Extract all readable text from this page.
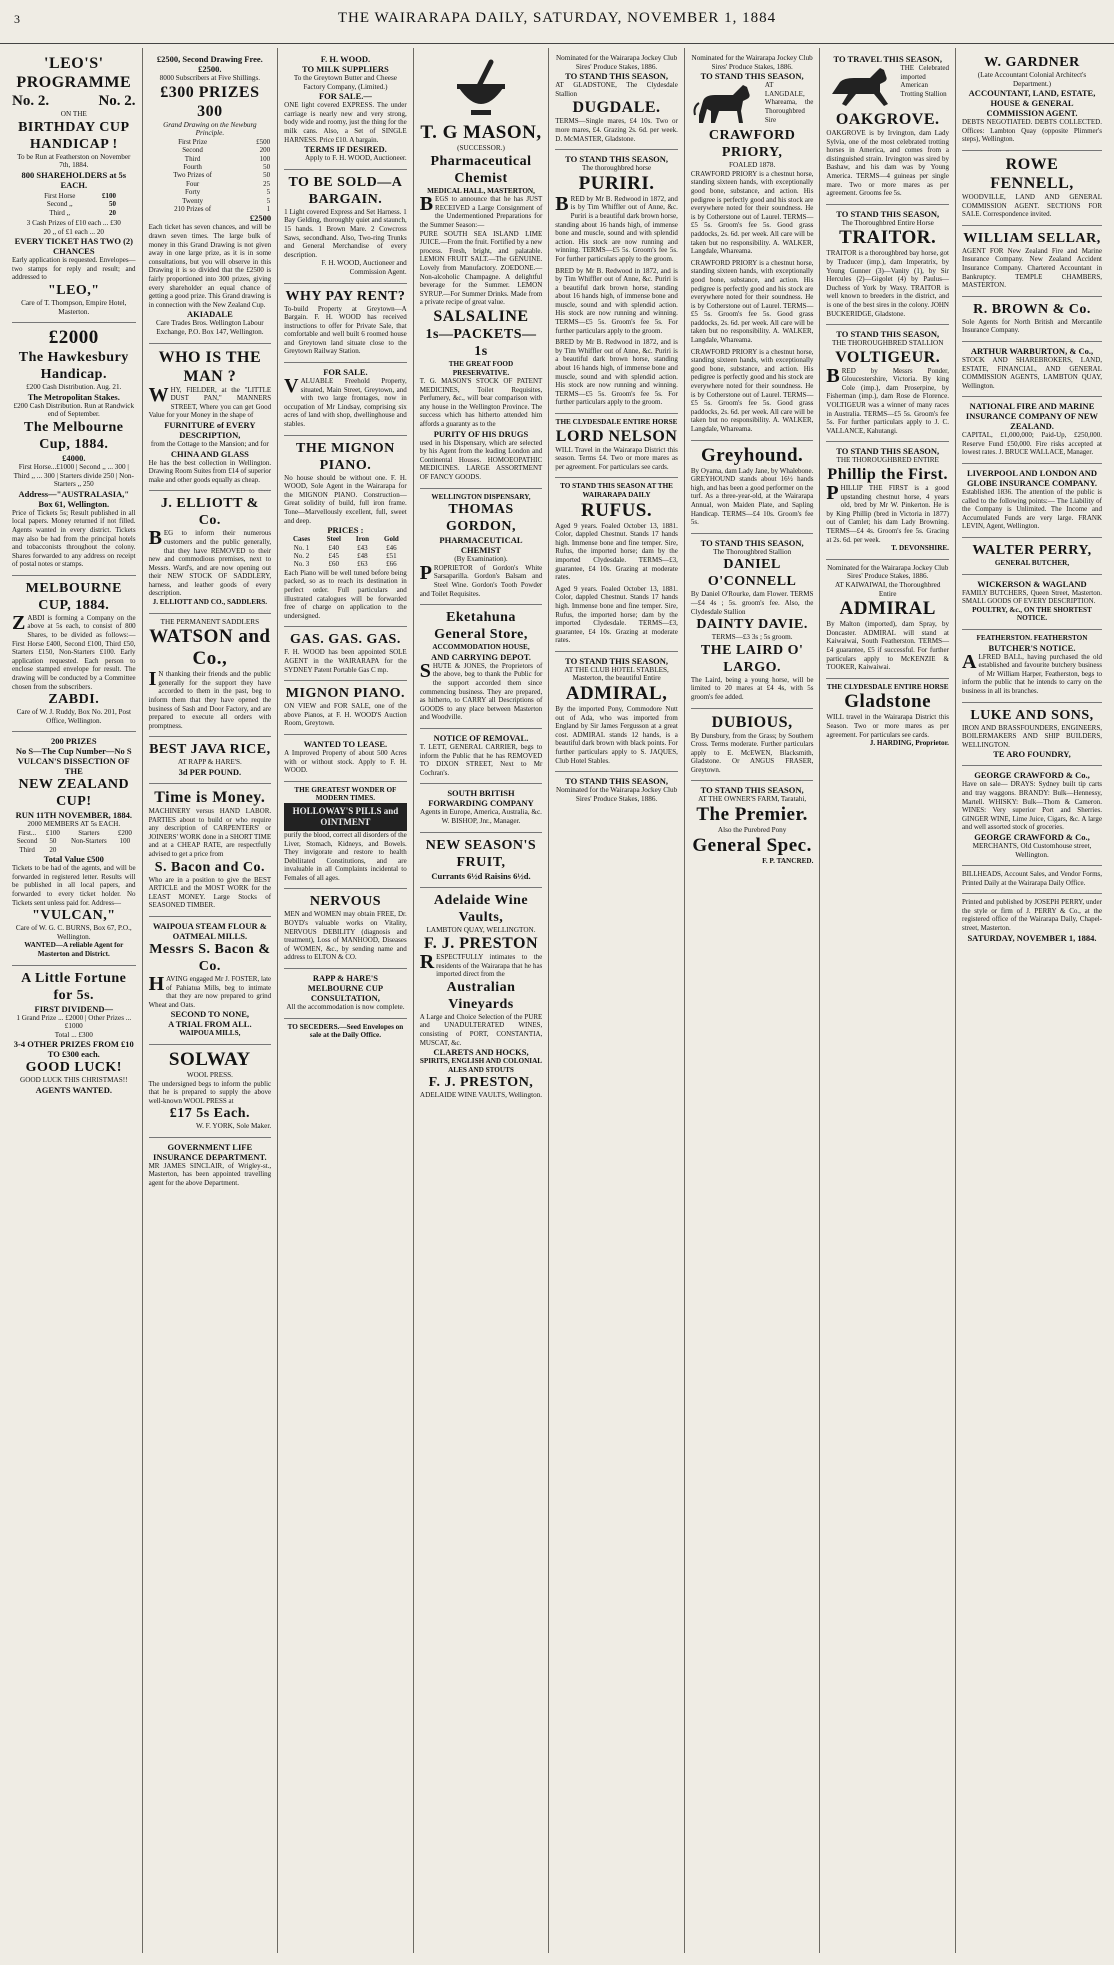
3	THE WAIRARAPA DAILY, SATURDAY, NOVEMBER 1, 1884
'LEO'S' PROGRAMME
No. 2.	No. 2.
ON THE
BIRTHDAY CUP HANDICAP !
To be Run at Featherston on November 7th, 1884.
800 SHAREHOLDERS at 5s EACH.
First Horse	£100
Second ,,	50
Third ,,	20
3 Cash Prizes of £10 each ... £30
20 ,, of £1 each ... 20
EVERY TICKET HAS TWO (2) CHANCES
Early application is requested. Envelopes—two stamps for reply and result; and addressed to
"LEO,"
Care of T. Thompson, Empire Hotel, Masterton.
£2000
The Hawkesbury Handicap.
£200 Cash Distribution. Aug. 21.
The Metropolitan Stakes.
£200 Cash Distribution. Run at Randwick end of September.
The Melbourne Cup, 1884.
£4000.
First Horse...£1000 | Second ,, ... 300 | Third ,, ... 300 | Starters divide 250 | Non-Starters ,, 250
Address—"AUSTRALASIA," Box 61, Wellington.
Price of Tickets 5s; Result published in all local papers. Money returned if not filled. Agents wanted in every district. Tickets may also be had from the principal hotels and tobacconists throughout the colony. Shares forwarded to any address on receipt of postal notes or stamps.
MELBOURNE CUP, 1884.
ZABDI is forming a Company on the above at 5s each, to consist of 800 Shares, to be divided as follows:— First Horse £400, Second £100, Third £50, Starters £150, Non-Starters £100. Early application requested. Each person to enclose stamped envelope for result. The drawing will be conducted by a Committee chosen from the subscribers.
ZABDI.
Care of W. J. Ruddy, Box No. 201, Post Office, Wellington.
200 PRIZES
No S—The Cup Number—No S
VULCAN'S DISSECTION OF THE
NEW ZEALAND CUP!
RUN 11TH NOVEMBER, 1884.
2000 MEMBERS AT 5s EACH.
First...	£100	Starters	£200
Second	50	Non-Starters	100
Third	20		
Total Value £500
Tickets to be had of the agents, and will be forwarded in registered letter. Results will be published in all local papers, and forwarded to every ticket holder. No Tickets sent unless paid for. Address—
"VULCAN,"
Care of W. G. C. BURNS, Box 67, P.O., Wellington.
WANTED—A reliable Agent for Masterton and District.
A Little Fortune for 5s.
FIRST DIVIDEND—
1 Grand Prize ... £2000 | Other Prizes ... £1000
Total ... £300
3-4 OTHER PRIZES FROM £10 TO £300 each.
GOOD LUCK!
GOOD LUCK THIS CHRISTMAS!!
AGENTS WANTED.
£2500, Second Drawing Free. £2500.
8000 Subscribers at Five Shillings.
£300 PRIZES 300
Grand Drawing on the Newburg Principle.
First Prize	£500
Second	200
Third	100
Fourth	50
Two Prizes of	50
Four	25
Forty	5
Twenty	5
210 Prizes of	1
£2500
Each ticket has seven chances, and will be drawn seven times. The large bulk of money in this Grand Drawing is not given away in one large prize, as it is in some consultations, but you will observe in this Drawing it is so divided that the £2500 is fairly proportioned into 300 prizes, giving every shareholder an equal chance of getting a good prize. This Grand drawing is in connection with the New Zealand Cup.
AKIADALE
Care Trades Bros. Wellington Labour Exchange, P.O. Box 147, Wellington.
WHO IS THE MAN ?
WHY, FIELDER, at the "LITTLE DUST PAN," MANNERS STREET, Where you can get Good Value for your Money in the shape of
FURNITURE of EVERY DESCRIPTION,
from the Cottage to the Mansion; and for
CHINA AND GLASS
He has the best collection in Wellington. Drawing Room Suites from £14 of superior make and other goods equally as cheap.
J. ELLIOTT & Co.
BEG to inform their numerous customers and the public generally, that they have REMOVED to their new and commodious premises, next to Messrs. Ward's, and are now opening out their NEW STOCK OF SADDLERY, harness, and leather goods of every description.
J. ELLIOTT AND CO., SADDLERS.
THE PERMANENT SADDLERS
WATSON and Co.,
IN thanking their friends and the public generally for the support they have accorded to them in the past, beg to inform them that they have opened the business of Sash and Door Factory, and are prepared to execute all orders with promptness.
BEST JAVA RICE,
AT RAPP & HARE'S.
3d PER POUND.
Time is Money.
MACHINERY versus HAND LABOR. PARTIES about to build or who require any description of CARPENTERS' or JOINERS' WORK done in a SHORT TIME and at a CHEAP RATE, are respectfully advised to get a price from
S. Bacon and Co.
Who are in a position to give the BEST ARTICLE and the MOST WORK for the LEAST MONEY. Large Stocks of SEASONED TIMBER.
WAIPOUA STEAM FLOUR & OATMEAL MILLS.
Messrs S. Bacon & Co.
HAVING engaged Mr J. FOSTER, late of Pahiatua Mills, beg to intimate that they are now prepared to grind Wheat and Oats.
SECOND TO NONE,
A TRIAL FROM ALL.
WAIPOUA MILLS,
SOLWAY
WOOL PRESS.
The undersigned begs to inform the public that he is prepared to supply the above well-known WOOL PRESS at
£17 5s Each.
W. F. YORK, Sole Maker.
GOVERNMENT LIFE INSURANCE DEPARTMENT.
MR JAMES SINCLAIR, of Wrigley-st., Masterton, has been appointed travelling agent for the above Department.
F. H. WOOD.
TO MILK SUPPLIERS
To the Greytown Butter and Cheese Factory Company, (Limited.)
FOR SALE.—
ONE light covered EXPRESS. The under carriage is nearly new and very strong, body wide and roomy, just the thing for the milk cans. Also, a Set of SINGLE HARNESS. Price £10. A bargain.
TERMS IF DESIRED.
Apply to F. H. WOOD, Auctioneer.
TO BE SOLD—A BARGAIN.
1 Light covered Express and Set Harness. 1 Bay Gelding, thoroughly quiet and staunch, 15 hands. 1 Brown Mare. 2 Cowcross Saws, secondhand. Also, Two-ring Trunks and General Merchandise of every description.
F. H. WOOD, Auctioneer and Commission Agent.
WHY PAY RENT?
To-build Property at Greytown—A Bargain. F. H. WOOD has received instructions to offer for Private Sale, that comfortable and well built 6 roomed house and Greytown land situate close to the Greytown Railway Station.
FOR SALE.
VALUABLE Freehold Property, situated, Main Street, Greytown, and with two large frontages, now in occupation of Mr Lindsay, comprising six acres of land with shop, dwellinghouse and stables.
THE MIGNON PIANO.
No house should be without one. F. H. WOOD, Sole Agent in the Wairarapa for the MIGNON PIANO. Construction—Great solidity of build, full iron frame. Tone—Marvellously excellent, full, sweet and deep.
PRICES :
Cases	Steel	Iron	Gold
No. 1	£40	£43	£46
No. 2	£45	£48	£51
No. 3	£60	£63	£66
Each Piano will be well tuned before being packed, so as to reach its destination in perfect order. Full particulars and illustrated catalogues will be forwarded free of charge on application to the undersigned.
GAS. GAS. GAS.
F. H. WOOD has been appointed SOLE AGENT in the WAIRARAPA for the SYDNEY Patent Portable Gas C mp.
MIGNON PIANO.
ON VIEW and FOR SALE, one of the above Pianos, at F. H. WOOD'S Auction Room, Greytown.
WANTED TO LEASE.
A Improved Property of about 500 Acres with or without stock. Apply to F. H. WOOD.
THE GREATEST WONDER OF MODERN TIMES.
HOLLOWAY'S PILLS and OINTMENT
purify the blood, correct all disorders of the Liver, Stomach, Kidneys, and Bowels. They invigorate and restore to health Debilitated Constitutions, and are invaluable in all Complaints incidental to Females of all ages.
NERVOUS
MEN and WOMEN may obtain FREE, Dr. BOYD's valuable works on Vitality, NERVOUS DEBILITY (diagnosis and treatment), Loss of MANHOOD, Diseases of WOMEN, &c., by sending name and address to ELTON & CO.
RAPP & HARE'S
MELBOURNE CUP CONSULTATION,
All the accommodation is now complete.
TO SECEDERS.—Seed Envelopes on sale at the Daily Office.
T. G MASON,
(SUCCESSOR.)
Pharmaceutical Chemist
MEDICAL HALL, MASTERTON,
BEGS to announce that he has JUST RECEIVED a Large Consignment of the Undermentioned Preparations for the Summer Season:—
PURE SOUTH SEA ISLAND LIME JUICE.—From the fruit. Fortified by a new process. Fresh, bright, and palatable. LEMON FRUIT SALT.—The GENUINE. Lovely from Manufactory. ZOEDONE.—Non-alcoholic Champagne. A delightful beverage for the Summer. LEMON SYRUP.—For Summer Drinks. Made from a private recipe of great value.
SALSALINE
1s—PACKETS—1s
THE GREAT FOOD PRESERVATIVE.
T. G. MASON'S STOCK OF PATENT MEDICINES, Toilet Requisites, Perfumery, &c., will bear comparison with any house in the Wellington Province. The success which has hitherto attended him affords a guaranty as to the
PURITY OF HIS DRUGS
used in his Dispensary, which are selected by his Agent from the leading London and Continental Houses. HOMOEOPATHIC MEDICINES. LARGE ASSORTMENT OF FANCY GOODS.
WELLINGTON DISPENSARY,
THOMAS GORDON,
PHARMACEUTICAL CHEMIST
(By Examination).
PROPRIETOR of Gordon's White Sarsaparilla. Gordon's Balsam and Steel Wine. Gordon's Tooth Powder and Toilet Requisites.
Eketahuna General Store,
ACCOMMODATION HOUSE,
AND CARRYING DEPOT.
SHUTE & JONES, the Proprietors of the above, beg to thank the Public for the support accorded them since commencing business. They are prepared, as hitherto, to CARRY all Descriptions of GOODS to any place between Masterton and Woodville.
NOTICE OF REMOVAL.
T. LETT, GENERAL CARRIER, begs to inform the Public that he has REMOVED TO DIXON STREET, Next to Mr Cochran's.
SOUTH BRITISH FORWARDING COMPANY
Agents in Europe, America, Australia, &c. W. BISHOP, Jnr., Manager.
NEW SEASON'S FRUIT,
Currants 6½d Raisins 6½d.
Adelaide Wine Vaults,
LAMBTON QUAY, WELLINGTON.
F. J. PRESTON
RESPECTFULLY intimates to the residents of the Wairarapa that he has imported direct from the
Australian Vineyards
A Large and Choice Selection of the PURE and UNADULTERATED WINES, consisting of PORT, CONSTANTIA, MUSCAT, &c.
CLARETS AND HOCKS,
SPIRITS, ENGLISH AND COLONIAL ALES AND STOUTS
F. J. PRESTON,
ADELAIDE WINE VAULTS, Wellington.
Nominated for the Wairarapa Jockey Club Sires' Produce Stakes, 1886.
TO STAND THIS SEASON,
AT GLADSTONE, The Clydesdale Stallion
DUGDALE.
TERMS—Single mares, £4 10s. Two or more mares, £4. Grazing 2s. 6d. per week. D. McMASTER, Gladstone.
TO STAND THIS SEASON,
The thoroughbred horse
PURIRI.
BRED by Mr B. Redwood in 1872, and is by Tim Whiffler out of Anne, &c. Puriri is a beautiful dark brown horse, standing about 16 hands high, of immense bone and muscle, sound and with splendid action. His stock are now running and winning. TERMS—£5 5s. Groom's fee 5s. For further particulars apply to the groom.
BRED by Mr B. Redwood in 1872, and is by Tim Whiffler out of Anne, &c. Puriri is a beautiful dark brown horse, standing about 16 hands high, of immense bone and muscle, sound and with splendid action. His stock are now running and winning. TERMS—£5 5s. Groom's fee 5s. For further particulars apply to the groom.
BRED by Mr B. Redwood in 1872, and is by Tim Whiffler out of Anne, &c. Puriri is a beautiful dark brown horse, standing about 16 hands high, of immense bone and muscle, sound and with splendid action. His stock are now running and winning. TERMS—£5 5s. Groom's fee 5s. For further particulars apply to the groom.
THE CLYDESDALE ENTIRE HORSE
LORD NELSON
WILL Travel in the Wairarapa District this season. Terms £4. Two or more mares as per agreement. For particulars see cards.
TO STAND THIS SEASON AT THE WAIRARAPA DAILY
RUFUS.
Aged 9 years. Foaled October 13, 1881. Color, dappled Chestnut. Stands 17 hands high. Immense bone and fine temper. Sire, Rufus, the imported horse; dam by the imported Clydesdale. TERMS—£3, guarantee, £4 10s. Grazing at moderate rates.
Aged 9 years. Foaled October 13, 1881. Color, dappled Chestnut. Stands 17 hands high. Immense bone and fine temper. Sire, Rufus, the imported horse; dam by the imported Clydesdale. TERMS—£3, guarantee, £4 10s. Grazing at moderate rates.
TO STAND THIS SEASON,
AT THE CLUB HOTEL STABLES, Masterton, the beautiful Entire
ADMIRAL,
By the imported Pony, Commodore Nutt out of Ada, who was imported from England by Sir James Fergusson at a great cost. ADMIRAL stands 12 hands, is a beautiful dark brown with black points. For further particulars apply to S. JAQUES, Club Hotel Stables.
TO STAND THIS SEASON,
Nominated for the Wairarapa Jockey Club Sires' Produce Stakes, 1886.
Nominated for the Wairarapa Jockey Club Sires' Produce Stakes, 1886.
TO STAND THIS SEASON,
AT LANGDALE, Whareama, the Thoroughbred Sire
CRAWFORD PRIORY,
FOALED 1878.
CRAWFORD PRIORY is a chestnut horse, standing sixteen hands, with exceptionally good bone, substance, and action. His pedigree is perfectly good and his stock are everywhere noted for their soundness. He is by Cotherstone out of Laurel. TERMS—£5 5s. Groom's fee 5s. Good grass paddocks, 2s. 6d. per week. All care will be taken but no responsibility. A. WALKER, Langdale, Whareama.
CRAWFORD PRIORY is a chestnut horse, standing sixteen hands, with exceptionally good bone, substance, and action. His pedigree is perfectly good and his stock are everywhere noted for their soundness. He is by Cotherstone out of Laurel. TERMS—£5 5s. Groom's fee 5s. Good grass paddocks, 2s. 6d. per week. All care will be taken but no responsibility. A. WALKER, Langdale, Whareama.
CRAWFORD PRIORY is a chestnut horse, standing sixteen hands, with exceptionally good bone, substance, and action. His pedigree is perfectly good and his stock are everywhere noted for their soundness. He is by Cotherstone out of Laurel. TERMS—£5 5s. Groom's fee 5s. Good grass paddocks, 2s. 6d. per week. All care will be taken but no responsibility. A. WALKER, Langdale, Whareama.
Greyhound.
By Oyama, dam Lady Jane, by Whalebone. GREYHOUND stands about 16½ hands high, and has been a good performer on the turf. As a three-year-old, at the Wairarapa Annual, won Maiden Plate, and Sapling Handicap. TERMS—£4 10s. Groom's fee 5s.
TO STAND THIS SEASON,
The Thoroughbred Stallion
DANIEL O'CONNELL
By Daniel O'Rourke, dam Flower. TERMS —£4 4s ; 5s. groom's fee. Also, the Clydesdale Stallion
DAINTY DAVIE.
TERMS—£3 3s ; 5s groom.
THE LAIRD O' LARGO.
The Laird, being a young horse, will be limited to 20 mares at £4 4s, with 5s groom's fee added.
DUBIOUS,
By Dunsbury, from the Grass; by Southern Cross. Terms moderate. Further particulars apply to E. McEWEN, Blacksmith, Gladstone. Or ANGUS FRASER, Greytown.
TO STAND THIS SEASON,
AT THE OWNER'S FARM, Taratahi,
The Premier.
Also the Purebred Pony
General Spec.
F. P. TANCRED.
TO TRAVEL THIS SEASON,
THE Celebrated imported American Trotting Stallion
OAKGROVE.
OAKGROVE is by Irvington, dam Lady Sylvia, one of the most celebrated trotting horses in America, and comes from a distinguished strain. Irvington was sired by Bashaw, and his dam was by Young America. TERMS—4 guineas per single mare. Two or more mares as per agreement. Grooms fee 5s.
TO STAND THIS SEASON,
The Thoroughbred Entire Horse
TRAITOR.
TRAITOR is a thoroughbred bay horse, got by Traducer (imp.), dam Imperatrix, by Young Gunner (3)—Vanity (1), by Sir Hercules (2)—Gigolet (4) by Paulus— Duchess of York by Waxy. TRAITOR is well known to breeders in the district, and is one of the best sires in the colony. JOHN BUCKERIDGE, Gladstone.
TO STAND THIS SEASON,
THE THOROUGHBRED STALLION
VOLTIGEUR.
BRED by Messrs Ponder, Gloucestershire, Victoria. By king Cole (imp.), dam Proserpine, by Fisherman (imp.), dam Rose de Florence. VOLTIGEUR was a winner of many races in Australia. TERMS—£5 5s. Groom's fee 5s. For further particulars apply to J. C. VALLANCE, Kahutangi.
TO STAND THIS SEASON,
THE THOROUGHBRED ENTIRE
Phillip the First.
PHILLIP THE FIRST is a good upstanding chestnut horse, 4 years old, bred by Mr W. Pinkerton. He is by King Phillip (bred in Victoria in 1877) out of Camlet; his dam Lady Browning. TERMS—£4 4s. Groom's fee 5s. Gracing at 2s. 6d. per week.
T. DEVONSHIRE.
Nominated for the Wairarapa Jockey Club Sires' Produce Stakes, 1886.
AT KAIWAIWAI, the Thoroughbred Entire
ADMIRAL
By Malton (imported), dam Spray, by Doncaster. ADMIRAL will stand at Kaiwaiwai, South Featherston. TERMS—£4 guarantee, £5 if successful. For further particulars apply to McKENZIE & TOOKER, Kaiwaiwai.
THE CLYDESDALE ENTIRE HORSE
Gladstone
WILL travel in the Wairarapa District this Season. Two or more mares as per agreement. For particulars see cards.
J. HARDING, Proprietor.
W. GARDNER
(Late Accountant Colonial Architect's Department.)
ACCOUNTANT, LAND, ESTATE, HOUSE & GENERAL COMMISSION AGENT.
DEBTS NEGOTIATED. DEBTS COLLECTED. Offices: Lambton Quay (opposite Plimmer's steps), Wellington.
ROWE FENNELL,
WOODVILLE, LAND AND GENERAL COMMISSION AGENT. SECTIONS FOR SALE. Correspondence invited.
WILLIAM SELLAR,
AGENT FOR New Zealand Fire and Marine Insurance Company. New Zealand Accident Insurance Company. Chartered Accountant in Bankruptcy. TEMPLE CHAMBERS, MASTERTON.
R. BROWN & Co.
Sole Agents for North British and Mercantile Insurance Company.
ARTHUR WARBURTON, & Co.,
STOCK AND SHAREBROKERS, LAND, ESTATE, FINANCIAL, AND GENERAL COMMISSION AGENTS, LAMBTON QUAY, Wellington.
NATIONAL FIRE AND MARINE INSURANCE COMPANY OF NEW ZEALAND.
CAPITAL, £1,000,000; Paid-Up, £250,000. Reserve Fund £50,000. Fire risks accepted at lowest rates. J. BRUCE WALLACE, Manager.
LIVERPOOL AND LONDON AND GLOBE INSURANCE COMPANY.
Established 1836. The attention of the public is called to the following points:— The Liability of the Company is Unlimited. The Income and Accumulated Funds are very large. FRANK LEVIN, Agent, Wellington.
WALTER PERRY,
GENERAL BUTCHER,
WICKERSON & WAGLAND
FAMILY BUTCHERS, Queen Street, Masterton. SMALL GOODS OF EVERY DESCRIPTION.
POULTRY, &c., ON THE SHORTEST NOTICE.
FEATHERSTON. FEATHERSTON
BUTCHER'S NOTICE.
ALFRED BALL, having purchased the old established and favourite butchery business of Mr William Harper, Featherston, begs to inform the public that he intends to carry on the business in all its branches.
LUKE AND SONS,
IRON AND BRASSFOUNDERS, ENGINEERS, BOILERMAKERS AND SHIP BUILDERS, WELLINGTON.
TE ARO FOUNDRY,
GEORGE CRAWFORD & Co.,
Have on sale— DRAYS: Sydney built tip carts and tray waggons. BRANDY: Bulk—Hennessy, Martell. WHISKY: Bulk—Thom & Cameron. WINES: Very superior Port and Sherries. GINGER WINE, Lime Juice, Cigars, &c. A large and well assorted stock of groceries.
GEORGE CRAWFORD & Co.,
MERCHANTS, Old Customhouse street, Wellington.
BILLHEADS, Account Sales, and Vendor Forms, Printed Daily at the Wairarapa Daily Office.
Printed and published by JOSEPH PERRY, under the style or firm of J. PERRY & Co., at the registered office of the Wairarapa Daily, Chapel-street, Masterton.
SATURDAY, NOVEMBER 1, 1884.
